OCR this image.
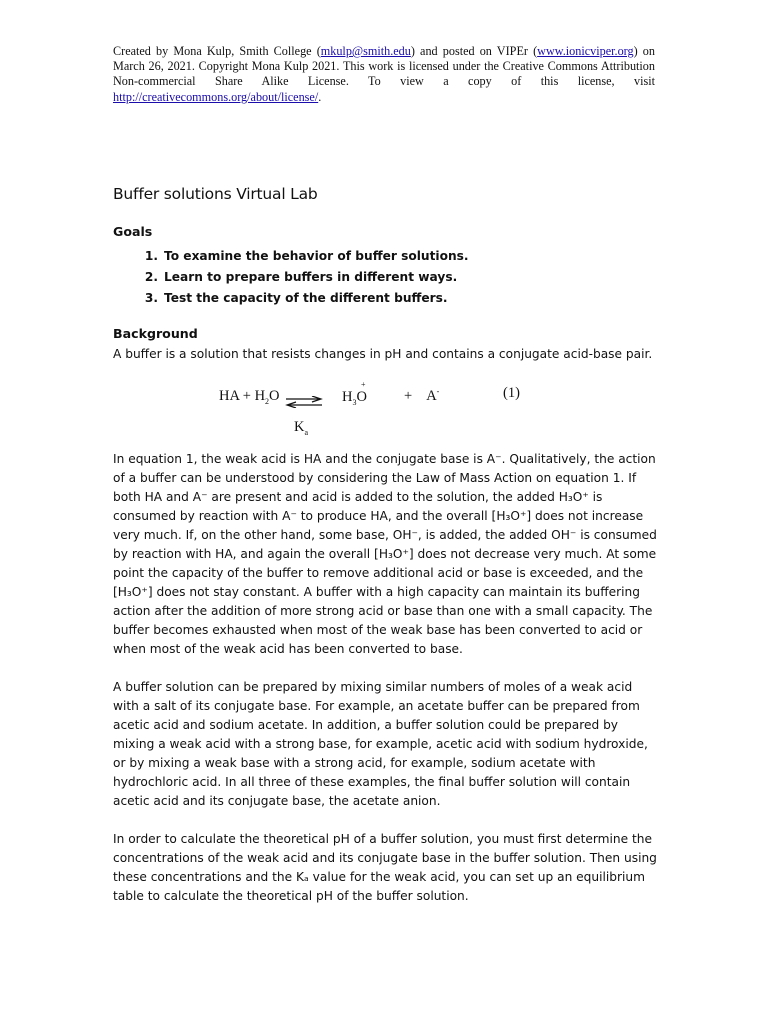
Created by Mona Kulp, Smith College (mkulp@smith.edu) and posted on VIPEr (www.ionicviper.org) on March 26, 2021. Copyright Mona Kulp 2021. This work is licensed under the Creative Commons Attribution Non-commercial Share Alike License. To view a copy of this license, visit http://creativecommons.org/about/license/.

Buffer solutions Virtual Lab
Goals
1. To examine the behavior of buffer solutions.
2. Learn to prepare buffers in different ways.
3. Test the capacity of the different buffers.
Background

A buffer is a solution that resists changes in pH and contains a conjugate acid-base pair.

HA + $H_2O$ ⇌ $H_3O^+$
+ A-	(1)
$K_a$

In equation 1, the weak acid is HA and the conjugate base is A⁻. Qualitatively, the action of a buffer can be understood by considering the Law of Mass Action on equation 1. If both HA and A⁻ are present and acid is added to the solution, the added H₃O⁺ is consumed by reaction with A⁻ to produce HA, and the overall [H₃O⁺] does not increase very much. If, on the other hand, some base, OH⁻, is added, the added OH⁻ is consumed by reaction with HA, and again the overall [H₃O⁺] does not decrease very much. At some point the capacity of the buffer to remove additional acid or base is exceeded, and the [H₃O⁺] does not stay constant. A buffer with a high capacity can maintain its buffering action after the addition of more strong acid or base than one with a small capacity. The buffer becomes exhausted when most of the weak base has been converted to acid or when most of the weak acid has been converted to base.

A buffer solution can be prepared by mixing similar numbers of moles of a weak acid with a salt of its conjugate base. For example, an acetate buffer can be prepared from acetic acid and sodium acetate. In addition, a buffer solution could be prepared by mixing a weak acid with a strong base, for example, acetic acid with sodium hydroxide, or by mixing a weak base with a strong acid, for example, sodium acetate with hydrochloric acid. In all three of these examples, the final buffer solution will contain acetic acid and its conjugate base, the acetate anion.

In order to calculate the theoretical pH of a buffer solution, you must first determine the concentrations of the weak acid and its conjugate base in the buffer solution. Then using these concentrations and the Kₐ value for the weak acid, you can set up an equilibrium table to calculate the theoretical pH of the buffer solution.
